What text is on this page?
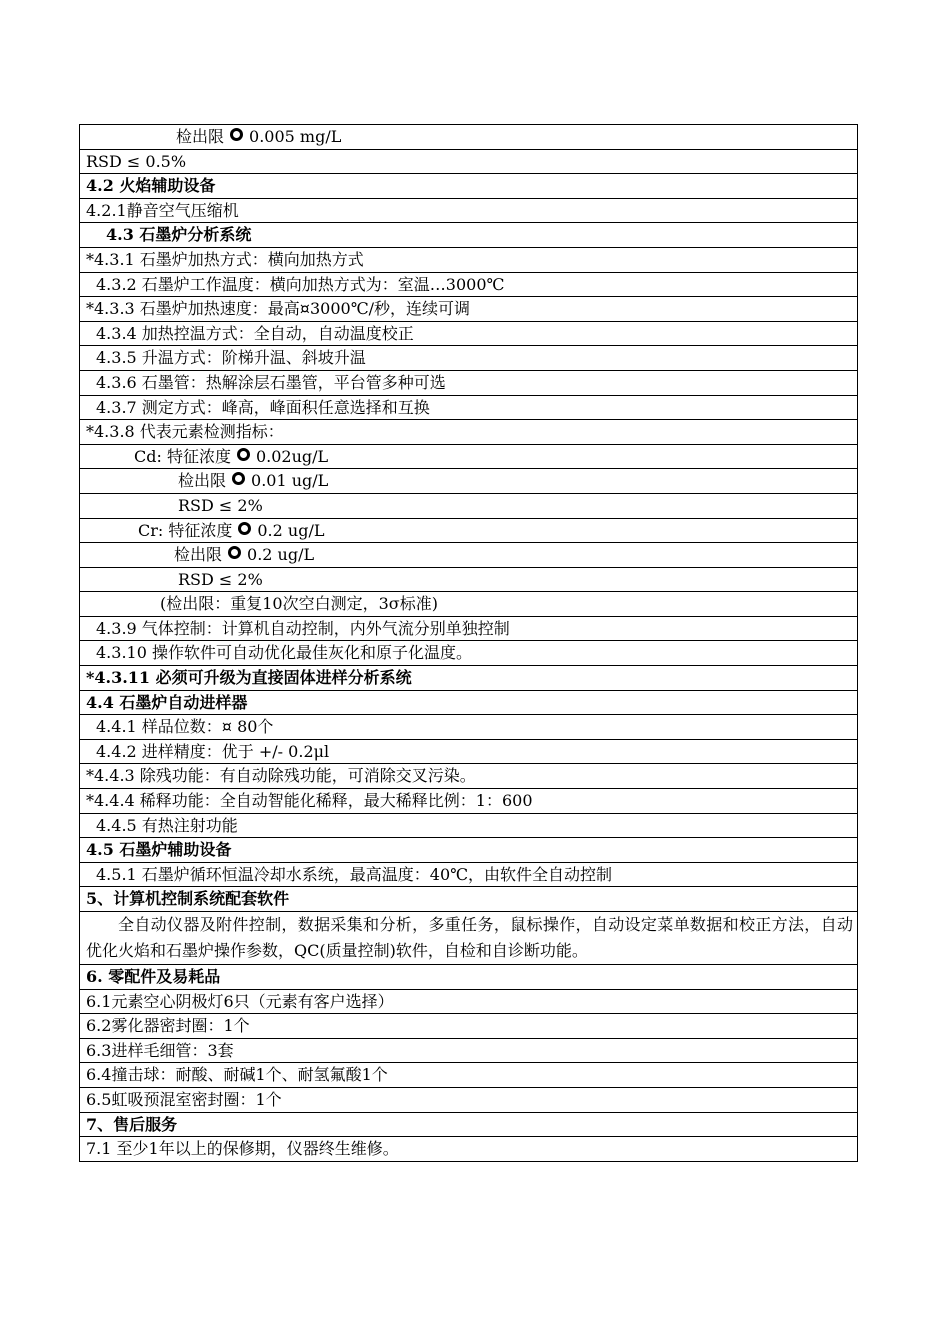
检出限 0.005 mg/L
RSD ≤ 0.5%
4.2 火焰辅助设备
4.2.1静音空气压缩机
4.3 石墨炉分析系统
*4.3.1 石墨炉加热方式：横向加热方式
4.3.2 石墨炉工作温度：横向加热方式为：室温…3000℃
*4.3.3 石墨炉加热速度：最高¤3000℃/秒，连续可调
4.3.4 加热控温方式：全自动，自动温度校正
4.3.5 升温方式：阶梯升温、斜坡升温
4.3.6 石墨管：热解涂层石墨管，平台管多种可选
4.3.7 测定方式：峰高，峰面积任意选择和互换
*4.3.8 代表元素检测指标：
Cd: 特征浓度 0.02ug/L
检出限 0.01 ug/L
RSD ≤ 2%
Cr: 特征浓度 0.2 ug/L
检出限 0.2 ug/L
RSD ≤ 2%
(检出限：重复10次空白测定，3σ标准)
4.3.9 气体控制：计算机自动控制，内外气流分别单独控制
4.3.10 操作软件可自动优化最佳灰化和原子化温度。
*4.3.11 必须可升级为直接固体进样分析系统
4.4 石墨炉自动进样器
4.4.1 样品位数：¤ 80个
4.4.2 进样精度：优于 +/- 0.2μl
*4.4.3 除残功能：有自动除残功能，可消除交叉污染。
*4.4.4 稀释功能：全自动智能化稀释，最大稀释比例：1：600
4.4.5 有热注射功能
4.5 石墨炉辅助设备
4.5.1 石墨炉循环恒温冷却水系统，最高温度：40℃，由软件全自动控制
5、计算机控制系统配套软件
全自动仪器及附件控制，数据采集和分析，多重任务，鼠标操作，自动设定菜单数据和校正方法，自动优化火焰和石墨炉操作参数，QC(质量控制)软件，自检和自诊断功能。
6. 零配件及易耗品
6.1元素空心阴极灯6只（元素有客户选择）
6.2雾化器密封圈：1个
6.3进样毛细管：3套
6.4撞击球：耐酸、耐碱1个、耐氢氟酸1个
6.5虹吸预混室密封圈：1个
7、售后服务
7.1 至少1年以上的保修期，仪器终生维修。
